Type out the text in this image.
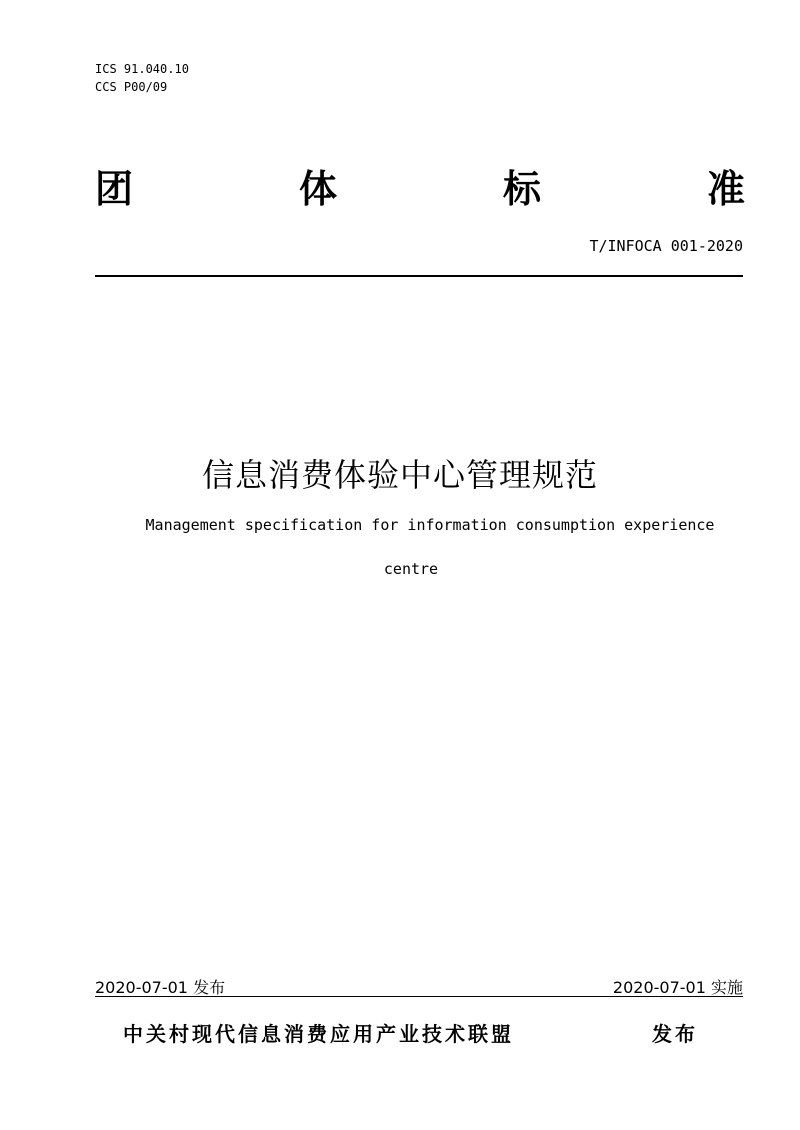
ICS 91.040.10
CCS P00/09
团	体	标	准
T/INFOCA 001-2020
信息消费体验中心管理规范
Management specification for information consumption experience
centre
2020-07-01 发布	2020-07-01 实施
中关村现代信息消费应用产业技术联盟	发布
